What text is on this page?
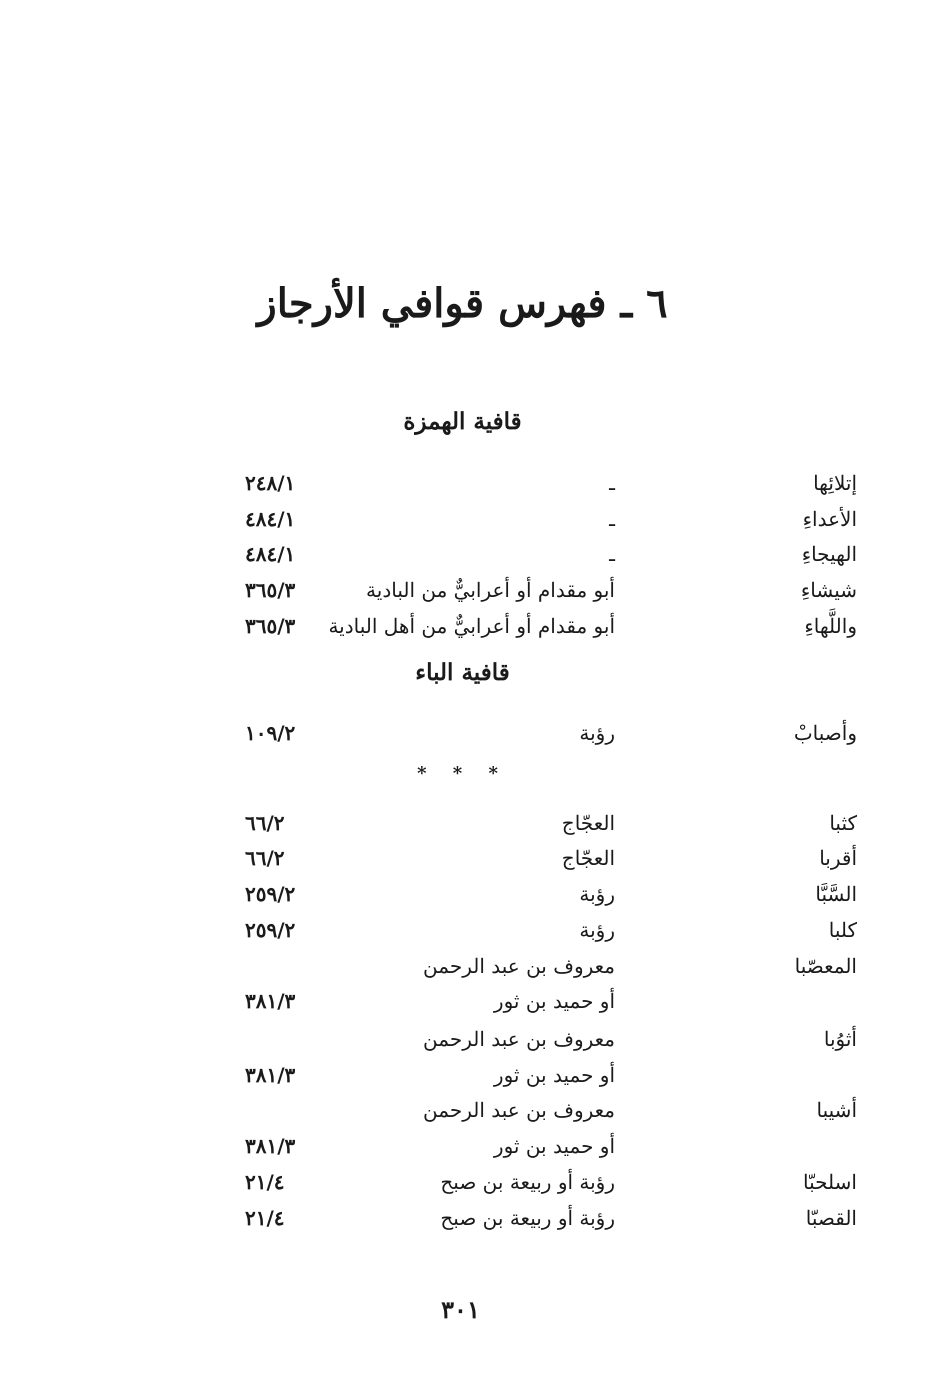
٦ ـ فهرس قوافي الأرجاز
قافية الهمزة
إتلائِها
ـ
٢٤٨/١
الأعداءِ
ـ
٤٨٤/١
الهيجاءِ
ـ
٤٨٤/١
شيشاءِ
أبو مقدام أو أعرابيٌّ من البادية
٣٦٥/٣
واللَّهاءِ
أبو مقدام أو أعرابيٌّ من أهل البادية
٣٦٥/٣
قافية الباء
وأصبابْ
رؤبة
١٠٩/٢
* * *
كثبا
العجّاج
٦٦/٢
أقربا
العجّاج
٦٦/٢
السَّبَّا
رؤبة
٢٥٩/٢
كلبا
رؤبة
٢٥٩/٢
المعصّبا
معروف بن عبد الرحمن
أو حميد بن ثور
٣٨١/٣
أثوُبا
معروف بن عبد الرحمن
أو حميد بن ثور
٣٨١/٣
أشيبا
معروف بن عبد الرحمن
أو حميد بن ثور
٣٨١/٣
اسلحبّا
رؤبة أو ربيعة بن صبح
٢١/٤
القصبّا
رؤبة أو ربيعة بن صبح
٢١/٤
٣٠١
